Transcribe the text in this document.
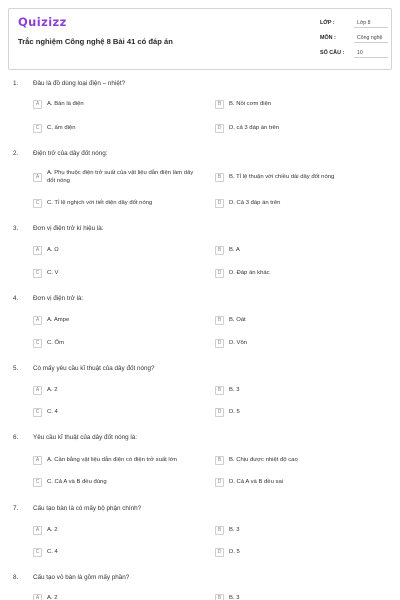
Quizizz
Trắc nghiệm Công nghệ 8 Bài 41 có đáp án
LỚP :	Lớp 8
MÔN :	Công nghệ
SỐ CÂU :	10
1. Đâu là đồ dùng loại điện – nhiệt?
A	A. Bàn là điện	B	B. Nồi cơm điện
C	C. ấm điện	D	D. cả 3 đáp án trên
2. Điện trở của dây đốt nóng:
A
A. Phụ thuộc điện trở suất của vật liệu dẫn điện làm dây đốt nóng
B	B. Tỉ lệ thuận với chiều dài dây đốt nóng
C	C. Tỉ lệ nghịch với tiết diện dây đốt nóng	D	D. Cả 3 đáp án trên
3. Đơn vị điện trở kí hiệu là:
A	A. Ω	B	B. A
C	C. V	D	D. Đáp án khác
4. Đơn vị điện trở là:
A	A. Ampe	B	B. Oát
C	C. Ôm	D	D. Vôn
5. Có mấy yêu cầu kĩ thuật của dây đốt nóng?
A	A. 2	B	B. 3
C	C. 4	D	D. 5
6. Yêu cầu kĩ thuật của dây đốt nóng là:
A	A. Cần bằng vật liệu dẫn điện có điện trở suất lớn	B	B. Chịu được nhiệt độ cao
C	C. Cả A và B đều đúng	D	D. Cả A và B đều sai
7. Cấu tạo bàn là có mấy bộ phận chính?
A	A. 2	B	B. 3
C	C. 4	D	D. 5
8. Cấu tạo vỏ bàn là gồm mấy phần?
A	A. 2	B	B. 3
